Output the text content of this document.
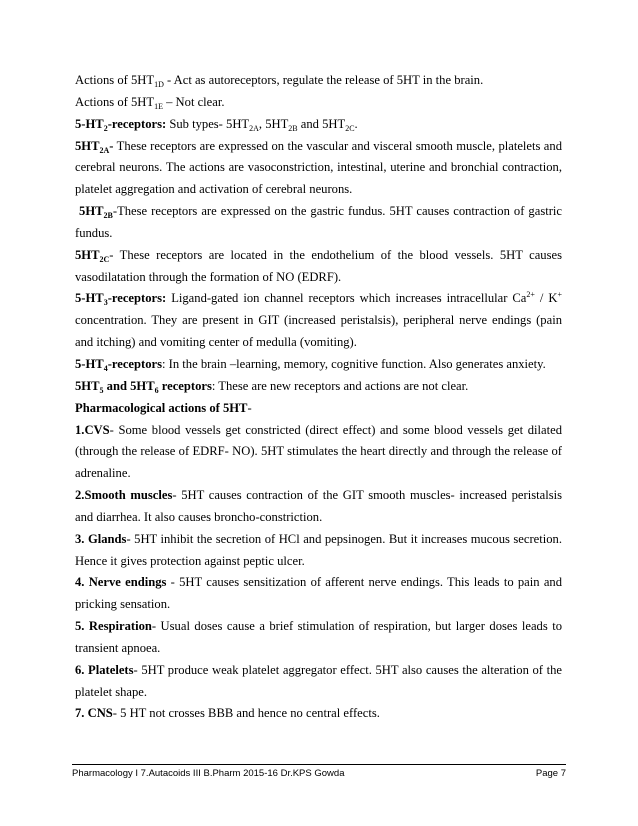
Actions of $5HT_{1D}$ - Act as autoreceptors, regulate the release of 5HT in the brain.

Actions of $5HT_{1E}$ – Not clear.

$5-HT_2$-receptors: Sub types- $5HT_{2A}$, $5HT_{2B}$ and $5HT_{2C}$.

$5HT_{2A}-$ These receptors are expressed on the vascular and visceral smooth muscle, platelets and cerebral neurons. The actions are vasoconstriction, intestinal, uterine and bronchial contraction, platelet aggregation and activation of cerebral neurons.

$5HT_{2B}$-These receptors are expressed on the gastric fundus. 5HT causes contraction of gastric fundus.

$5HT_{2C}-$ These receptors are located in the endothelium of the blood vessels. 5HT causes vasodilatation through the formation of NO (EDRF).

$5-HT_3$-receptors: Ligand-gated ion channel receptors which increases intracellular $Ca^{2+} / K^+$ concentration. They are present in GIT (increased peristalsis), peripheral nerve endings (pain and itching) and vomiting center of medulla (vomiting).

$5-HT_4$-receptors: In the brain –learning, memory, cognitive function. Also generates anxiety.

$5HT_5$ and $5HT_6$ receptors: These are new receptors and actions are not clear.

Pharmacological actions of 5HT-

1.CVS- Some blood vessels get constricted (direct effect) and some blood vessels get dilated (through the release of EDRF- NO). 5HT stimulates the heart directly and through the release of adrenaline.

2.Smooth muscles- 5HT causes contraction of the GIT smooth muscles- increased peristalsis and diarrhea. It also causes broncho-constriction.

3. Glands- 5HT inhibit the secretion of HCl and pepsinogen. But it increases mucous secretion. Hence it gives protection against peptic ulcer.

4. Nerve endings - 5HT causes sensitization of afferent nerve endings. This leads to pain and pricking sensation.

5. Respiration- Usual doses cause a brief stimulation of respiration, but larger doses leads to transient apnoea.

6. Platelets- 5HT produce weak platelet aggregator effect. 5HT also causes the alteration of the platelet shape.

7. CNS- 5 HT not crosses BBB and hence no central effects.

Pharmacology I 7.Autacoids III B.Pharm 2015-16 Dr.KPS Gowda	Page 7
